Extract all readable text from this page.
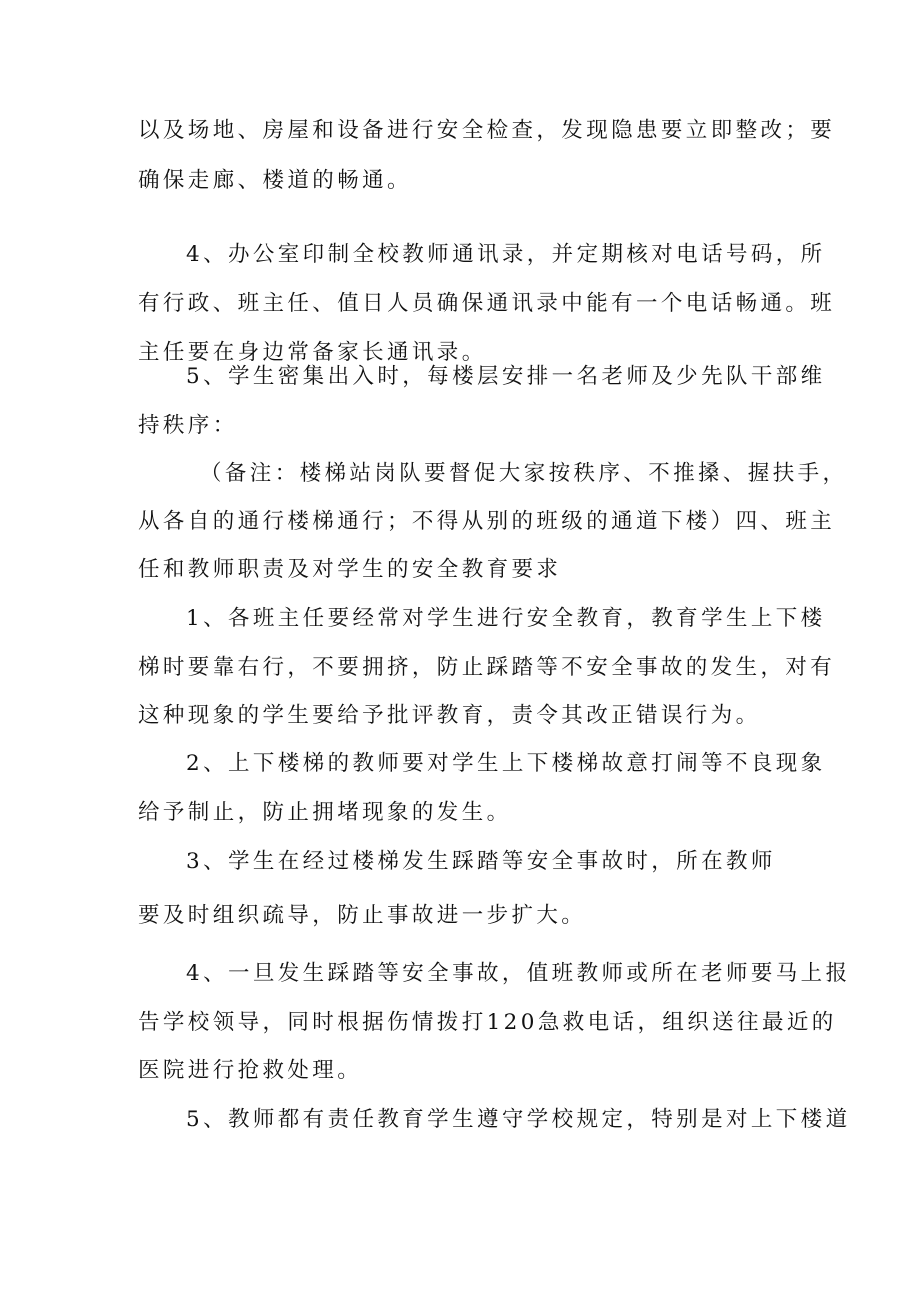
以及场地、房屋和设备进行安全检查，发现隐患要立即整改；要
确保走廊、楼道的畅通。
4、办公室印制全校教师通讯录，并定期核对电话号码，所
有行政、班主任、值日人员确保通讯录中能有一个电话畅通。班
主任要在身边常备家长通讯录。
5、学生密集出入时，每楼层安排一名老师及少先队干部维
持秩序：
（备注：楼梯站岗队要督促大家按秩序、不推搡、握扶手，
从各自的通行楼梯通行；不得从别的班级的通道下楼）四、班主
任和教师职责及对学生的安全教育要求
1、各班主任要经常对学生进行安全教育，教育学生上下楼
梯时要靠右行，不要拥挤，防止踩踏等不安全事故的发生，对有
这种现象的学生要给予批评教育，责令其改正错误行为。
2、上下楼梯的教师要对学生上下楼梯故意打闹等不良现象
给予制止，防止拥堵现象的发生。
3、学生在经过楼梯发生踩踏等安全事故时，所在教师
要及时组织疏导，防止事故进一步扩大。
4、一旦发生踩踏等安全事故，值班教师或所在老师要马上报
告学校领导，同时根据伤情拨打120急救电话，组织送往最近的
医院进行抢救处理。
5、教师都有责任教育学生遵守学校规定，特别是对上下楼道
